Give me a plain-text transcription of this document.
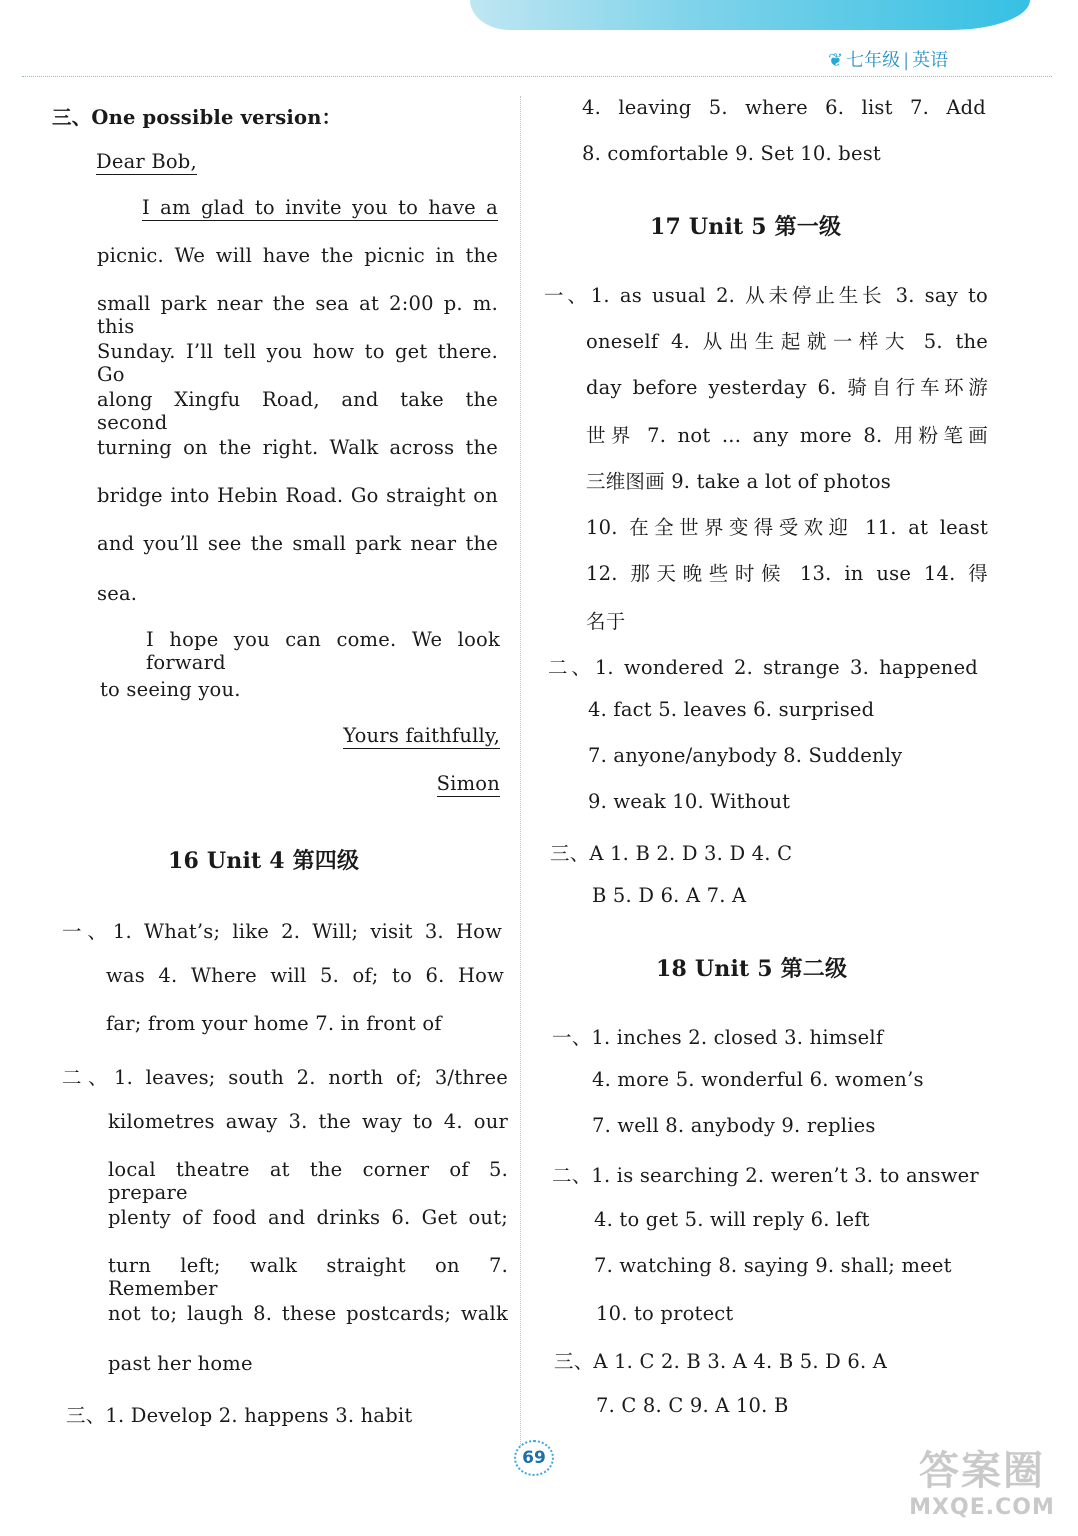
❦ 七年级 | 英语
三、One possible version：
Dear Bob,
I am glad to invite you to have a
picnic. We will have the picnic in the
small park near the sea at 2:00 p. m. this
Sunday. I’ll tell you how to get there. Go
along Xingfu Road, and take the second
turning on the right. Walk across the
bridge into Hebin Road. Go straight on
and you’ll see the small park near the
sea.
I hope you can come. We look forward
to seeing you.
Yours faithfully,
Simon
16 Unit 4 第四级
一、1. What’s; like 2. Will; visit 3. How
was 4. Where will 5. of; to 6. How
far; from your home 7. in front of
二、1. leaves; south 2. north of; 3/three
kilometres away 3. the way to 4. our
local theatre at the corner of 5. prepare
plenty of food and drinks 6. Get out;
turn left; walk straight on 7. Remember
not to; laugh 8. these postcards; walk
past her home
三、1. Develop 2. happens 3. habit
4. leaving 5. where 6. list 7. Add
8. comfortable 9. Set 10. best
17 Unit 5 第一级
一、1. as usual 2. 从未停止生长 3. say to
oneself 4. 从出生起就一样大 5. the
day before yesterday 6. 骑自行车环游
世界 7. not ... any more 8. 用粉笔画
三维图画 9. take a lot of photos
10. 在全世界变得受欢迎 11. at least
12. 那天晚些时候 13. in use 14. 得
名于
二、1. wondered 2. strange 3. happened
4. fact 5. leaves 6. surprised
7. anyone/anybody 8. Suddenly
9. weak 10. Without
三、A 1. B 2. D 3. D 4. C
B 5. D 6. A 7. A
18 Unit 5 第二级
一、1. inches 2. closed 3. himself
4. more 5. wonderful 6. women’s
7. well 8. anybody 9. replies
二、1. is searching 2. weren’t 3. to answer
4. to get 5. will reply 6. left
7. watching 8. saying 9. shall; meet
10. to protect
三、A 1. C 2. B 3. A 4. B 5. D 6. A
7. C 8. C 9. A 10. B
69	答案圈
MXQE.COM
